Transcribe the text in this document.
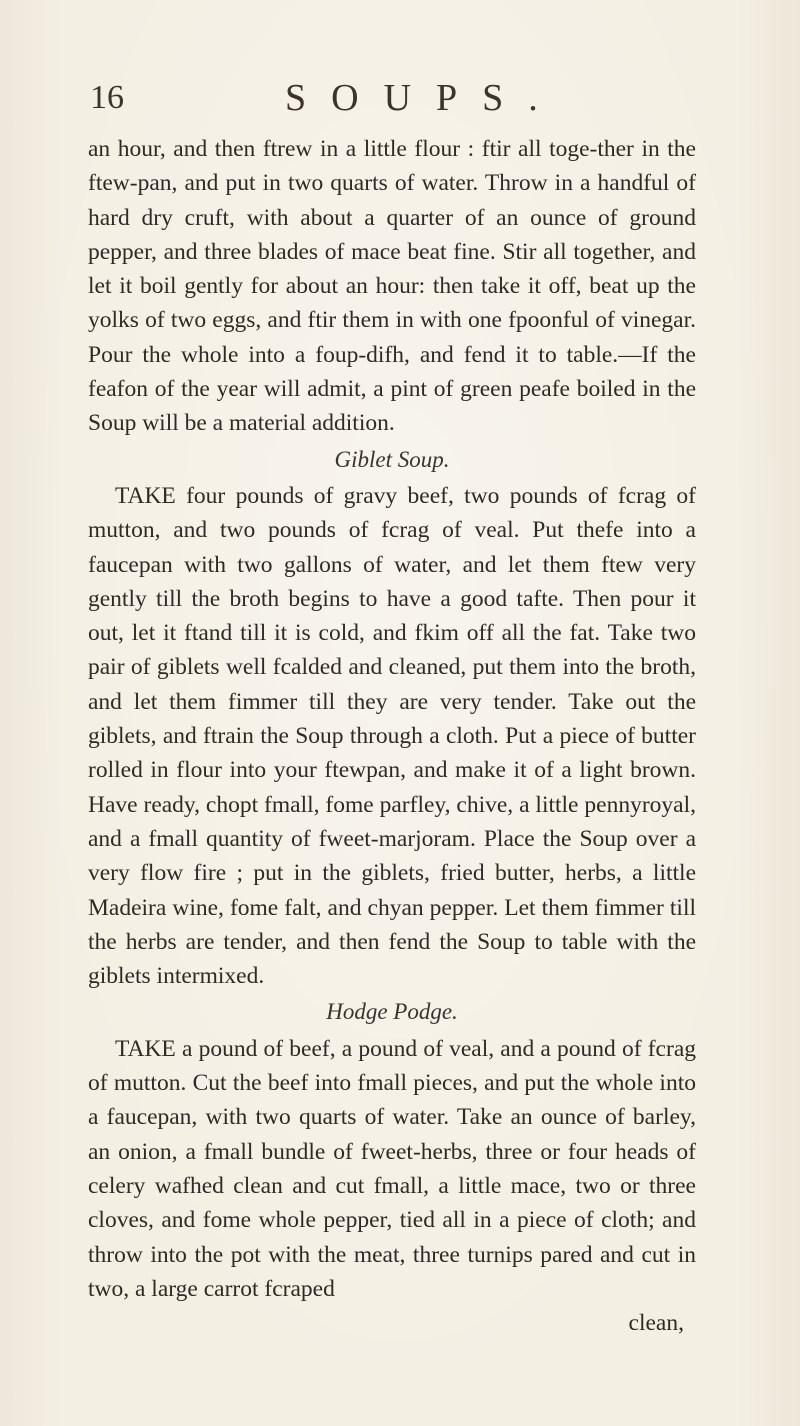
16	SOUPS.

an hour, and then ftrew in a little flour : ftir all toge-ther in the ftew-pan, and put in two quarts of water. Throw in a handful of hard dry cruft, with about a quarter of an ounce of ground pepper, and three blades of mace beat fine. Stir all together, and let it boil gently for about an hour: then take it off, beat up the yolks of two eggs, and ftir them in with one fpoonful of vinegar. Pour the whole into a foup-difh, and fend it to table.—If the feafon of the year will admit, a pint of green peafe boiled in the Soup will be a material addition.

Giblet Soup.

TAKE four pounds of gravy beef, two pounds of fcrag of mutton, and two pounds of fcrag of veal. Put thefe into a faucepan with two gallons of water, and let them ftew very gently till the broth begins to have a good tafte. Then pour it out, let it ftand till it is cold, and fkim off all the fat. Take two pair of giblets well fcalded and cleaned, put them into the broth, and let them fimmer till they are very tender. Take out the giblets, and ftrain the Soup through a cloth. Put a piece of butter rolled in flour into your ftewpan, and make it of a light brown. Have ready, chopt fmall, fome parfley, chive, a little pennyroyal, and a fmall quantity of fweet-marjoram. Place the Soup over a very flow fire ; put in the giblets, fried butter, herbs, a little Madeira wine, fome falt, and chyan pepper. Let them fimmer till the herbs are tender, and then fend the Soup to table with the giblets intermixed.

Hodge Podge.

TAKE a pound of beef, a pound of veal, and a pound of fcrag of mutton. Cut the beef into fmall pieces, and put the whole into a faucepan, with two quarts of water. Take an ounce of barley, an onion, a fmall bundle of fweet-herbs, three or four heads of celery wafhed clean and cut fmall, a little mace, two or three cloves, and fome whole pepper, tied all in a piece of cloth; and throw into the pot with the meat, three turnips pared and cut in two, a large carrot fcraped

clean,
